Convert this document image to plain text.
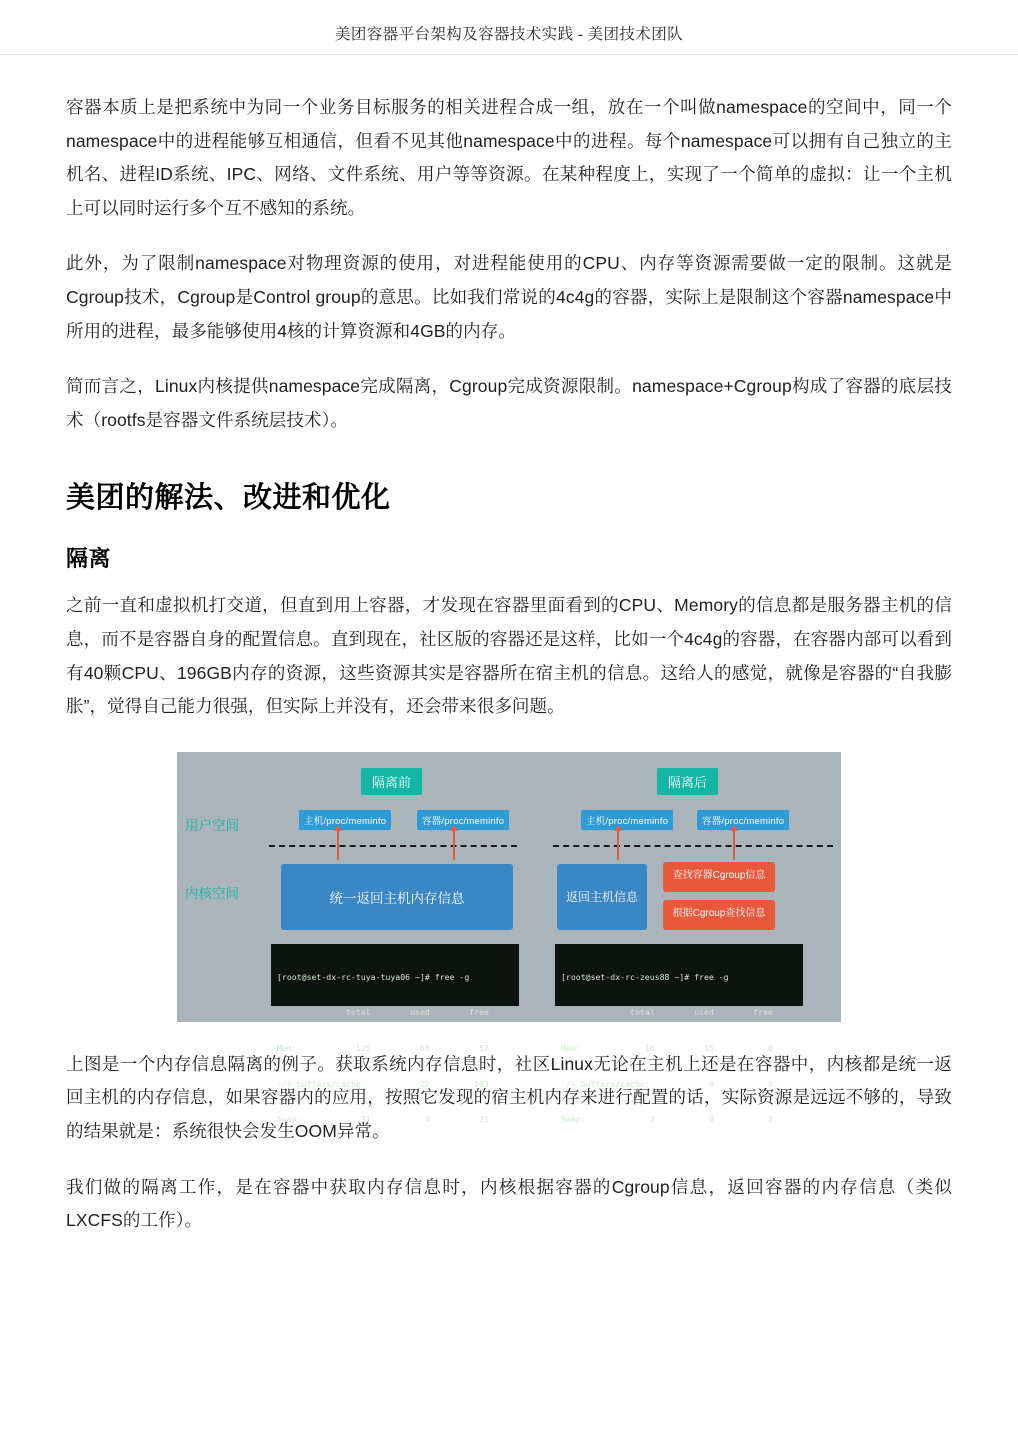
美团容器平台架构及容器技术实践 - 美团技术团队

容器本质上是把系统中为同一个业务目标服务的相关进程合成一组，放在一个叫做namespace的空间中，同一个namespace中的进程能够互相通信，但看不见其他namespace中的进程。每个namespace可以拥有自己独立的主机名、进程ID系统、IPC、网络、文件系统、用户等等资源。在某种程度上，实现了一个简单的虚拟：让一个主机上可以同时运行多个互不感知的系统。

此外，为了限制namespace对物理资源的使用，对进程能使用的CPU、内存等资源需要做一定的限制。这就是Cgroup技术，Cgroup是Control group的意思。比如我们常说的4c4g的容器，实际上是限制这个容器namespace中所用的进程，最多能够使用4核的计算资源和4GB的内存。

简而言之，Linux内核提供namespace完成隔离，Cgroup完成资源限制。namespace+Cgroup构成了容器的底层技术（rootfs是容器文件系统层技术）。

美团的解法、改进和优化
隔离

之前一直和虚拟机打交道，但直到用上容器，才发现在容器里面看到的CPU、Memory的信息都是服务器主机的信息，而不是容器自身的配置信息。直到现在，社区版的容器还是这样，比如一个4c4g的容器，在容器内部可以看到有40颗CPU、196GB内存的资源，这些资源其实是容器所在宿主机的信息。这给人的感觉，就像是容器的“自我膨胀”，觉得自己能力很强，但实际上并没有，还会带来很多问题。

隔离前	隔离后
用户空间
内核空间
主机/proc/meminfo	容器/proc/meminfo	主机/proc/meminfo	容器/proc/meminfo
统一返回主机内存信息	返回主机信息
查找容器Cgroup信息
根据Cgroup查找信息

[root@set-dx-rc-tuya-tuya06 ~]# free -g

total        used        free

Mem:            125          68          57

-/+ buffers/cache:           22         103

Swap:            31           0          31

[root@set-dx-rc-zeus88 ~]# free -g

total        used        free

Mem:             16          15           0

-/+ buffers/cache:            6           9

Swap:             2           0           2

上图是一个内存信息隔离的例子。获取系统内存信息时，社区Linux无论在主机上还是在容器中，内核都是统一返回主机的内存信息，如果容器内的应用，按照它发现的宿主机内存来进行配置的话，实际资源是远远不够的，导致的结果就是：系统很快会发生OOM异常。

我们做的隔离工作，是在容器中获取内存信息时，内核根据容器的Cgroup信息，返回容器的内存信息（类似LXCFS的工作）。
